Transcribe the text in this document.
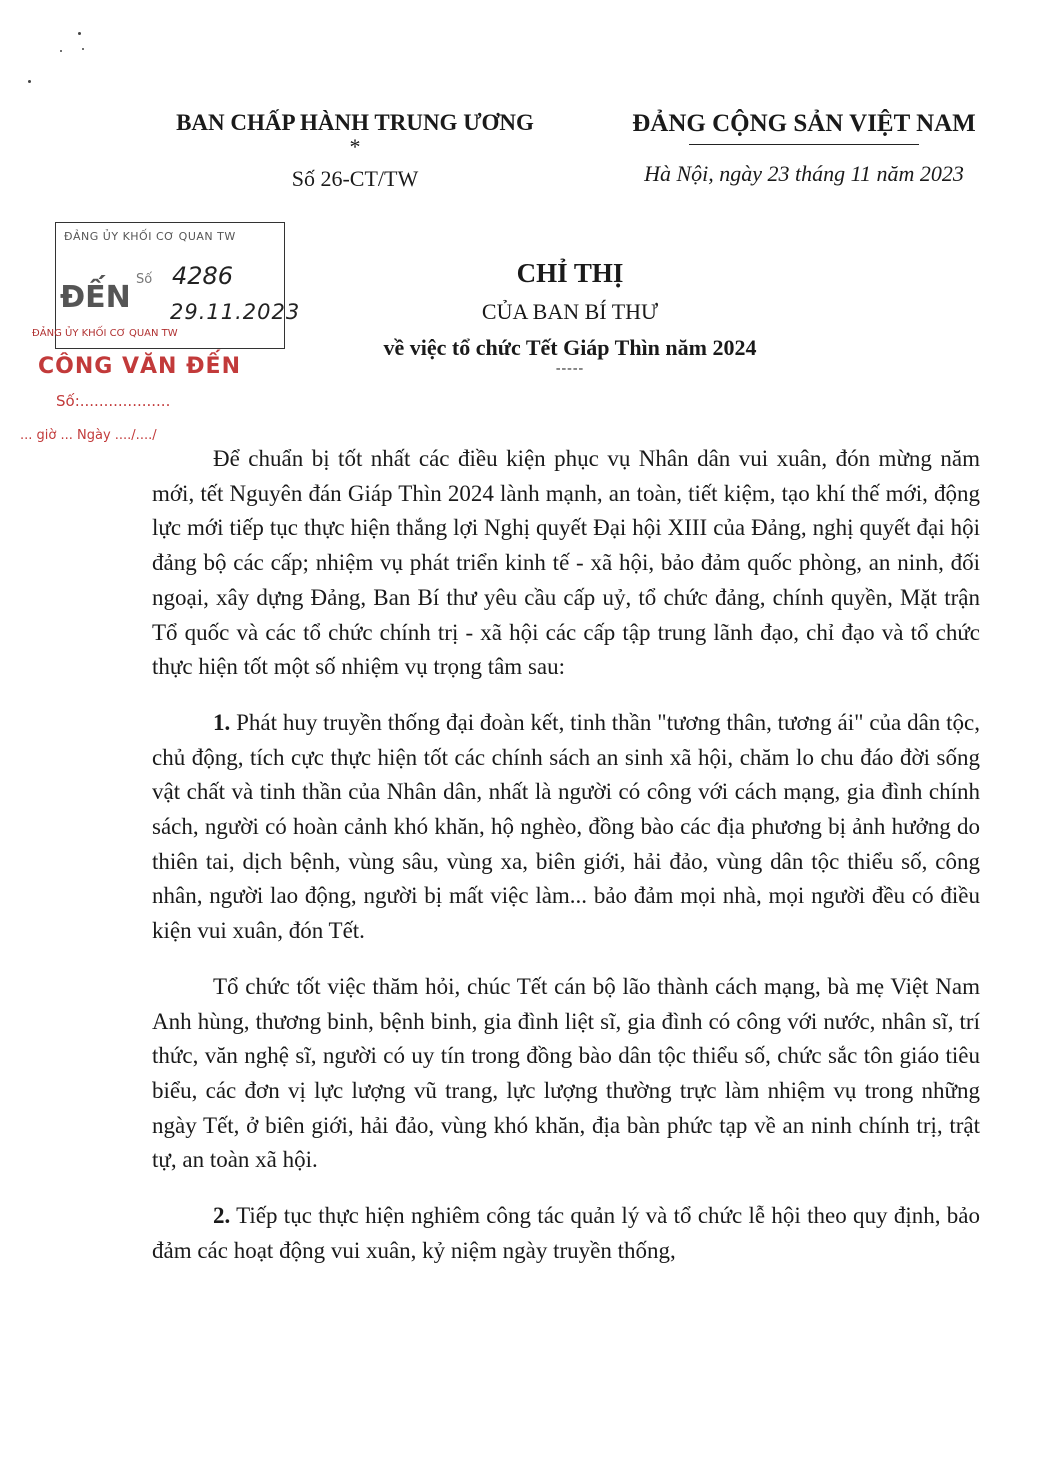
BAN CHẤP HÀNH TRUNG ƯƠNG
*
Số 26-CT/TW
ĐẢNG CỘNG SẢN VIỆT NAM
Hà Nội, ngày 23 tháng 11 năm 2023
ĐẢNG ỦY KHỐI CƠ QUAN TW
ĐẾN
Số 4286
29.11.2023
ĐẢNG ỦY KHỐI CƠ QUAN TW
CÔNG VĂN ĐẾN
Số:...................
... giờ ... Ngày ..../..../
CHỈ THỊ
CỦA BAN BÍ THƯ
về việc tổ chức Tết Giáp Thìn năm 2024
-----

Để chuẩn bị tốt nhất các điều kiện phục vụ Nhân dân vui xuân, đón mừng năm mới, tết Nguyên đán Giáp Thìn 2024 lành mạnh, an toàn, tiết kiệm, tạo khí thế mới, động lực mới tiếp tục thực hiện thắng lợi Nghị quyết Đại hội XIII của Đảng, nghị quyết đại hội đảng bộ các cấp; nhiệm vụ phát triển kinh tế - xã hội, bảo đảm quốc phòng, an ninh, đối ngoại, xây dựng Đảng, Ban Bí thư yêu cầu cấp uỷ, tổ chức đảng, chính quyền, Mặt trận Tổ quốc và các tổ chức chính trị - xã hội các cấp tập trung lãnh đạo, chỉ đạo và tổ chức thực hiện tốt một số nhiệm vụ trọng tâm sau:

1. Phát huy truyền thống đại đoàn kết, tinh thần "tương thân, tương ái" của dân tộc, chủ động, tích cực thực hiện tốt các chính sách an sinh xã hội, chăm lo chu đáo đời sống vật chất và tinh thần của Nhân dân, nhất là người có công với cách mạng, gia đình chính sách, người có hoàn cảnh khó khăn, hộ nghèo, đồng bào các địa phương bị ảnh hưởng do thiên tai, dịch bệnh, vùng sâu, vùng xa, biên giới, hải đảo, vùng dân tộc thiểu số, công nhân, người lao động, người bị mất việc làm... bảo đảm mọi nhà, mọi người đều có điều kiện vui xuân, đón Tết.

Tổ chức tốt việc thăm hỏi, chúc Tết cán bộ lão thành cách mạng, bà mẹ Việt Nam Anh hùng, thương binh, bệnh binh, gia đình liệt sĩ, gia đình có công với nước, nhân sĩ, trí thức, văn nghệ sĩ, người có uy tín trong đồng bào dân tộc thiểu số, chức sắc tôn giáo tiêu biểu, các đơn vị lực lượng vũ trang, lực lượng thường trực làm nhiệm vụ trong những ngày Tết, ở biên giới, hải đảo, vùng khó khăn, địa bàn phức tạp về an ninh chính trị, trật tự, an toàn xã hội.

2. Tiếp tục thực hiện nghiêm công tác quản lý và tổ chức lễ hội theo quy định, bảo đảm các hoạt động vui xuân, kỷ niệm ngày truyền thống,
